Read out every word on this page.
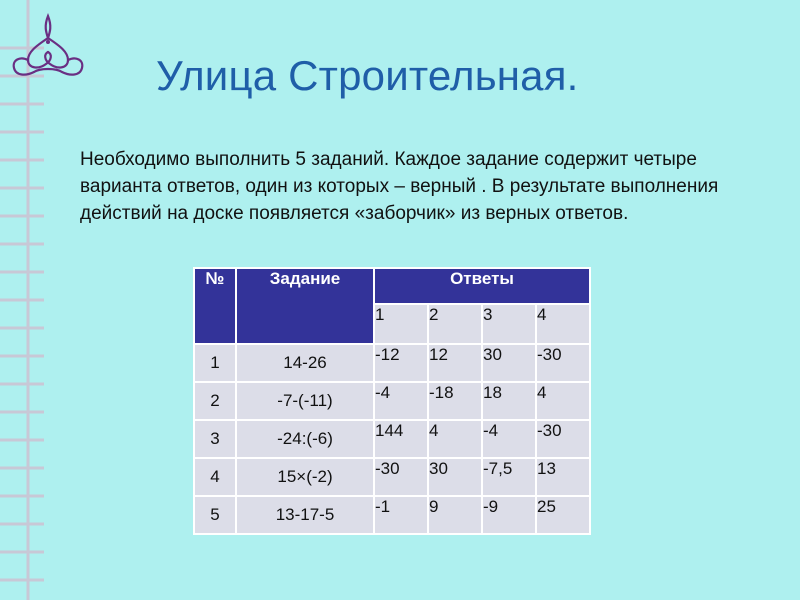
Улица Строительная.
Необходимо выполнить 5 заданий. Каждое задание содержит четыре варианта ответов, один из которых – верный . В результате выполнения действий на доске появляется «заборчик» из верных ответов.
№	Задание	Ответы			
		1	2	3	4
1	14-26	-12	12	30	-30
2	-7-(-11)	-4	-18	18	4
3	-24:(-6)	144	4	-4	-30
4	15×(-2)	-30	30	-7,5	13
5	13-17-5	-1	9	-9	25
